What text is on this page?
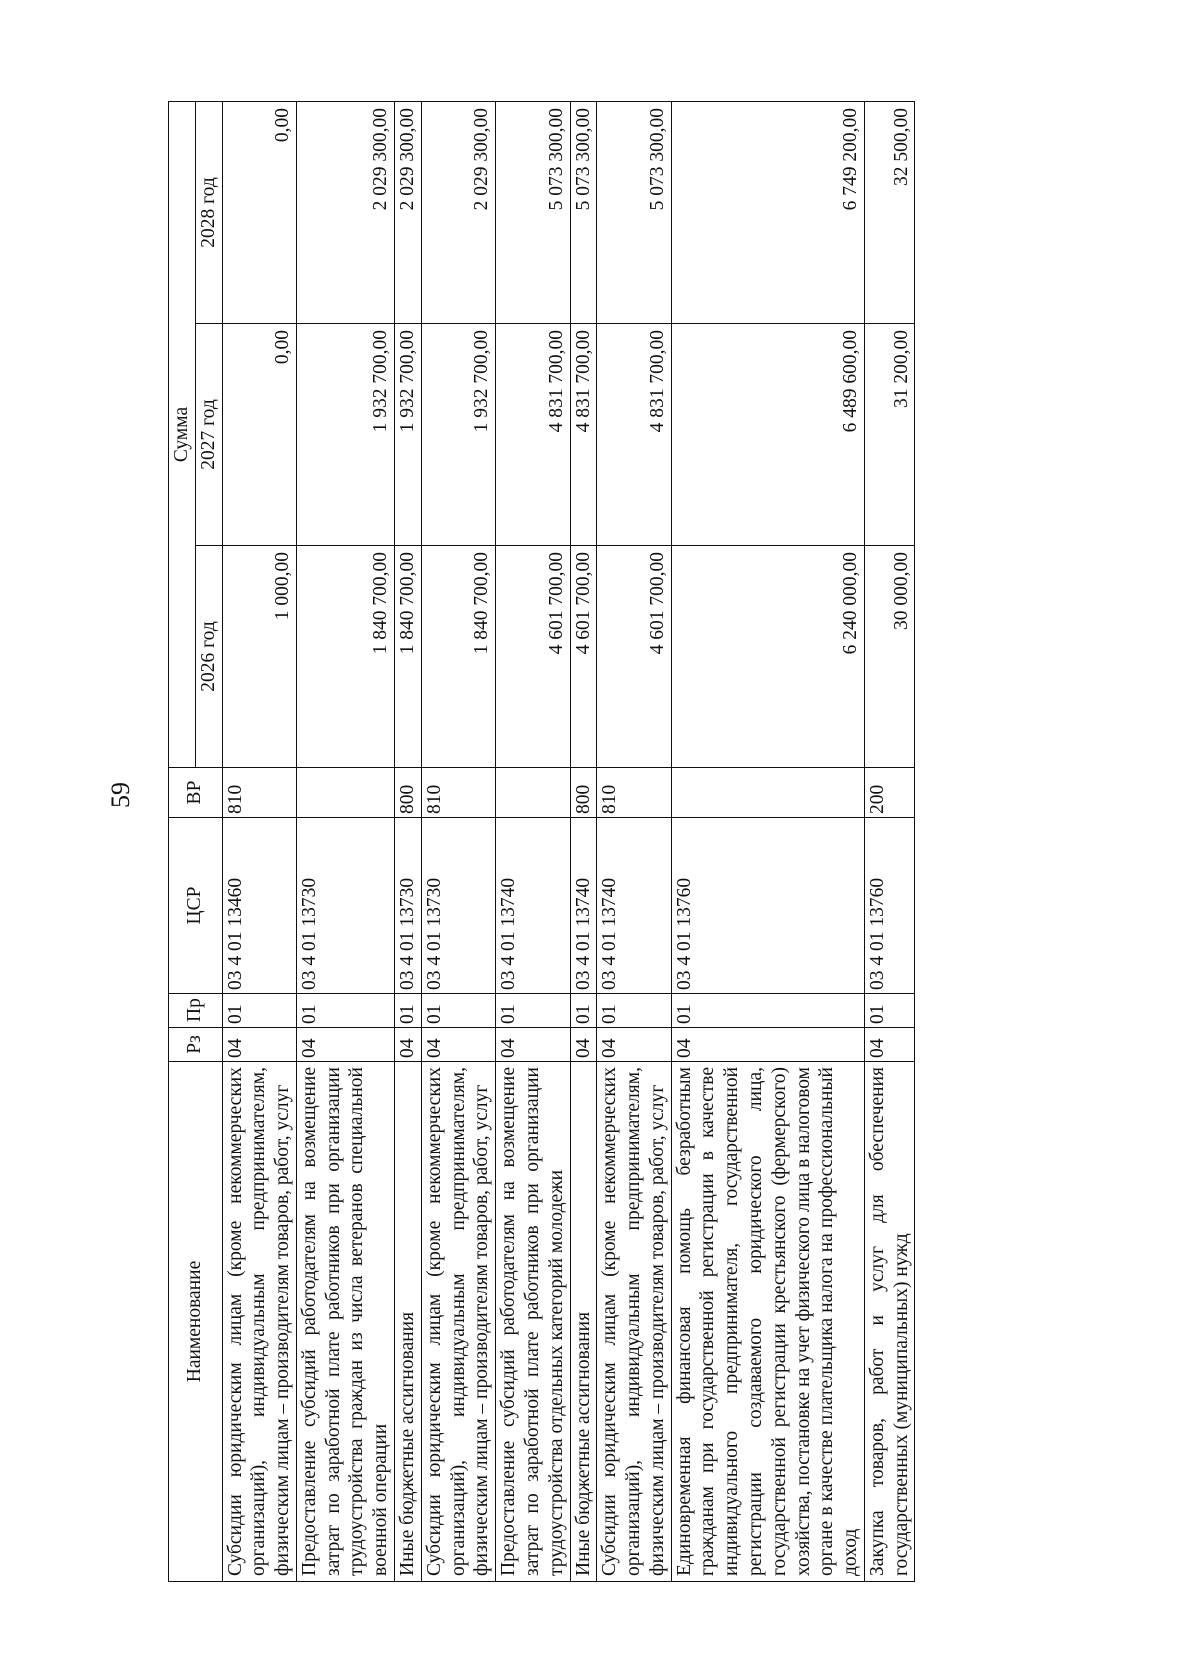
59
Наименование	Рз	Пр	ЦСР	ВР	Сумма		
					2026 год	2027 год	2028 год
Субсидии юридическим лицам (кроме некоммерческих организаций), индивидуальным предпринимателям, физическим лицам – производителям товаров, работ, услуг	04	01	03 4 01 13460	810	1 000,00	0,00	0,00
Предоставление субсидий работодателям на возмещение затрат по заработной плате работников при организации трудоустройства граждан из числа ветеранов специальной военной операции	04	01	03 4 01 13730		1 840 700,00	1 932 700,00	2 029 300,00
Иные бюджетные ассигнования	04	01	03 4 01 13730	800	1 840 700,00	1 932 700,00	2 029 300,00
Субсидии юридическим лицам (кроме некоммерческих организаций), индивидуальным предпринимателям, физическим лицам – производителям товаров, работ, услуг	04	01	03 4 01 13730	810	1 840 700,00	1 932 700,00	2 029 300,00
Предоставление субсидий работодателям на возмещение затрат по заработной плате работников при организации трудоустройства отдельных категорий молодежи	04	01	03 4 01 13740		4 601 700,00	4 831 700,00	5 073 300,00
Иные бюджетные ассигнования	04	01	03 4 01 13740	800	4 601 700,00	4 831 700,00	5 073 300,00
Субсидии юридическим лицам (кроме некоммерческих организаций), индивидуальным предпринимателям, физическим лицам – производителям товаров, работ, услуг	04	01	03 4 01 13740	810	4 601 700,00	4 831 700,00	5 073 300,00
Единовременная финансовая помощь безработным гражданам при государственной регистрации в качестве индивидуального предпринимателя, государственной регистрации создаваемого юридического лица, государственной регистрации крестьянского (фермерского) хозяйства, постановке на учет физического лица в налоговом органе в качестве плательщика налога на профессиональный доход	04	01	03 4 01 13760		6 240 000,00	6 489 600,00	6 749 200,00
Закупка товаров, работ и услуг для обеспечения государственных (муниципальных) нужд	04	01	03 4 01 13760	200	30 000,00	31 200,00	32 500,00
